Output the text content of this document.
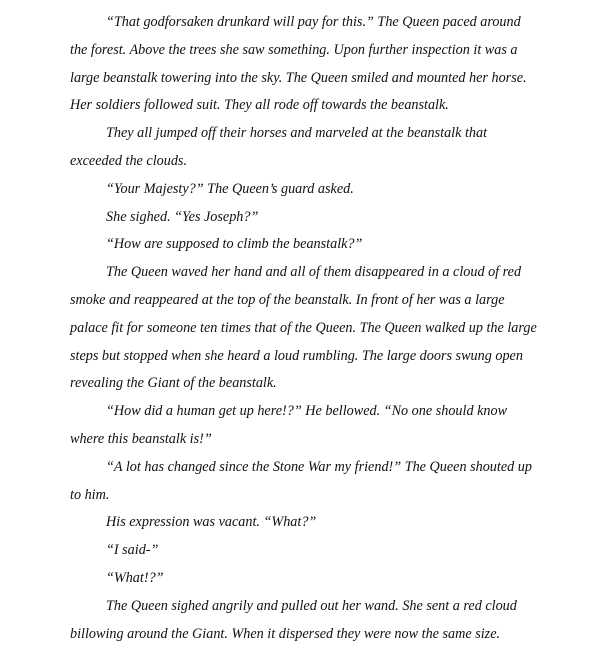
“That godforsaken drunkard will pay for this.” The Queen paced around the forest. Above the trees she saw something. Upon further inspection it was a large beanstalk towering into the sky. The Queen smiled and mounted her horse. Her soldiers followed suit. They all rode off towards the beanstalk.

They all jumped off their horses and marveled at the beanstalk that exceeded the clouds.

“Your Majesty?” The Queen’s guard asked.

She sighed. “Yes Joseph?”

“How are supposed to climb the beanstalk?”

The Queen waved her hand and all of them disappeared in a cloud of red smoke and reappeared at the top of the beanstalk. In front of her was a large palace fit for someone ten times that of the Queen. The Queen walked up the large steps but stopped when she heard a loud rumbling. The large doors swung open revealing the Giant of the beanstalk.

“How did a human get up here!?” He bellowed. “No one should know where this beanstalk is!”

“A lot has changed since the Stone War my friend!” The Queen shouted up to him.

His expression was vacant. “What?”

“I said-”

“What!?”

The Queen sighed angrily and pulled out her wand. She sent a red cloud billowing around the Giant. When it dispersed they were now the same size.
